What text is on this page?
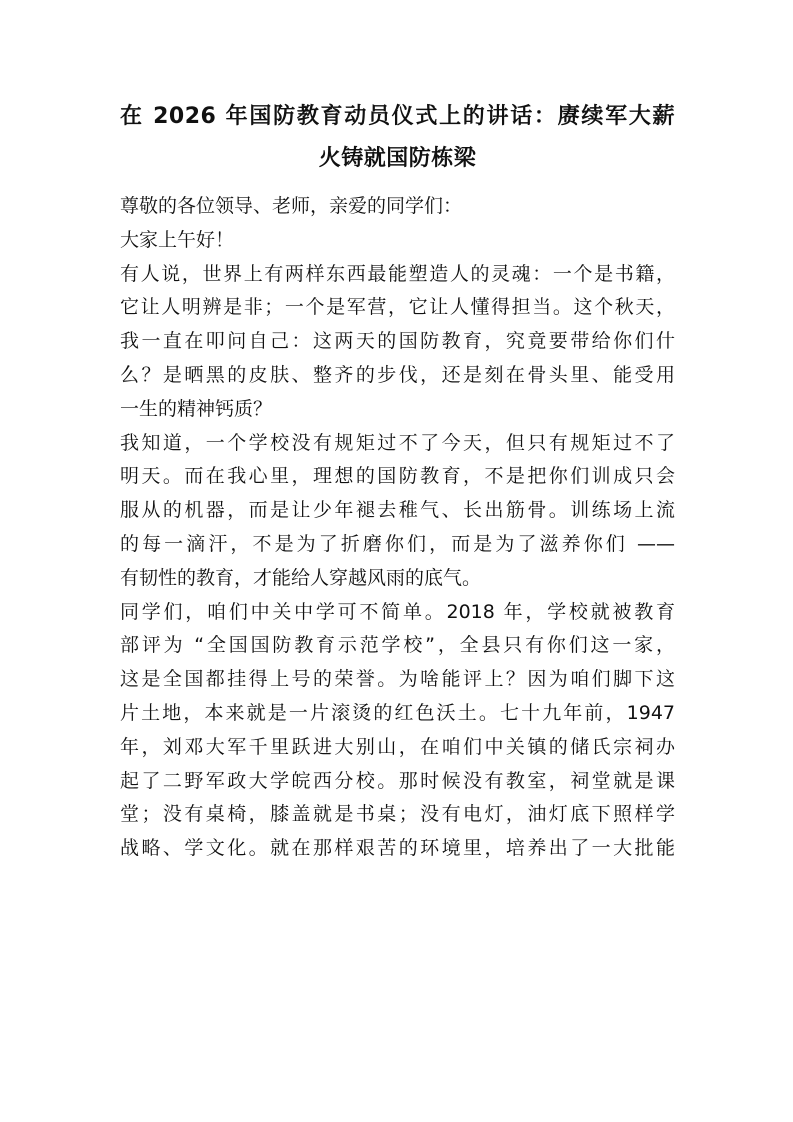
在 2026 年国防教育动员仪式上的讲话：赓续军大薪
火铸就国防栋梁
尊敬的各位领导、老师，亲爱的同学们：
大家上午好！
有人说，世界上有两样东西最能塑造人的灵魂：一个是书籍，
它让人明辨是非；一个是军营，它让人懂得担当。这个秋天，
我一直在叩问自己：这两天的国防教育，究竟要带给你们什
么？是晒黑的皮肤、整齐的步伐，还是刻在骨头里、能受用
一生的精神钙质？
我知道，一个学校没有规矩过不了今天，但只有规矩过不了
明天。而在我心里，理想的国防教育，不是把你们训成只会
服从的机器，而是让少年褪去稚气、长出筋骨。训练场上流
的每一滴汗，不是为了折磨你们，而是为了滋养你们 ——
有韧性的教育，才能给人穿越风雨的底气。
同学们，咱们中关中学可不简单。2018 年，学校就被教育
部评为 “全国国防教育示范学校”，全县只有你们这一家，
这是全国都挂得上号的荣誉。为啥能评上？因为咱们脚下这
片土地，本来就是一片滚烫的红色沃土。七十九年前，1947
年，刘邓大军千里跃进大别山，在咱们中关镇的储氏宗祠办
起了二野军政大学皖西分校。那时候没有教室，祠堂就是课
堂；没有桌椅，膝盖就是书桌；没有电灯，油灯底下照样学
战略、学文化。就在那样艰苦的环境里，培养出了一大批能
